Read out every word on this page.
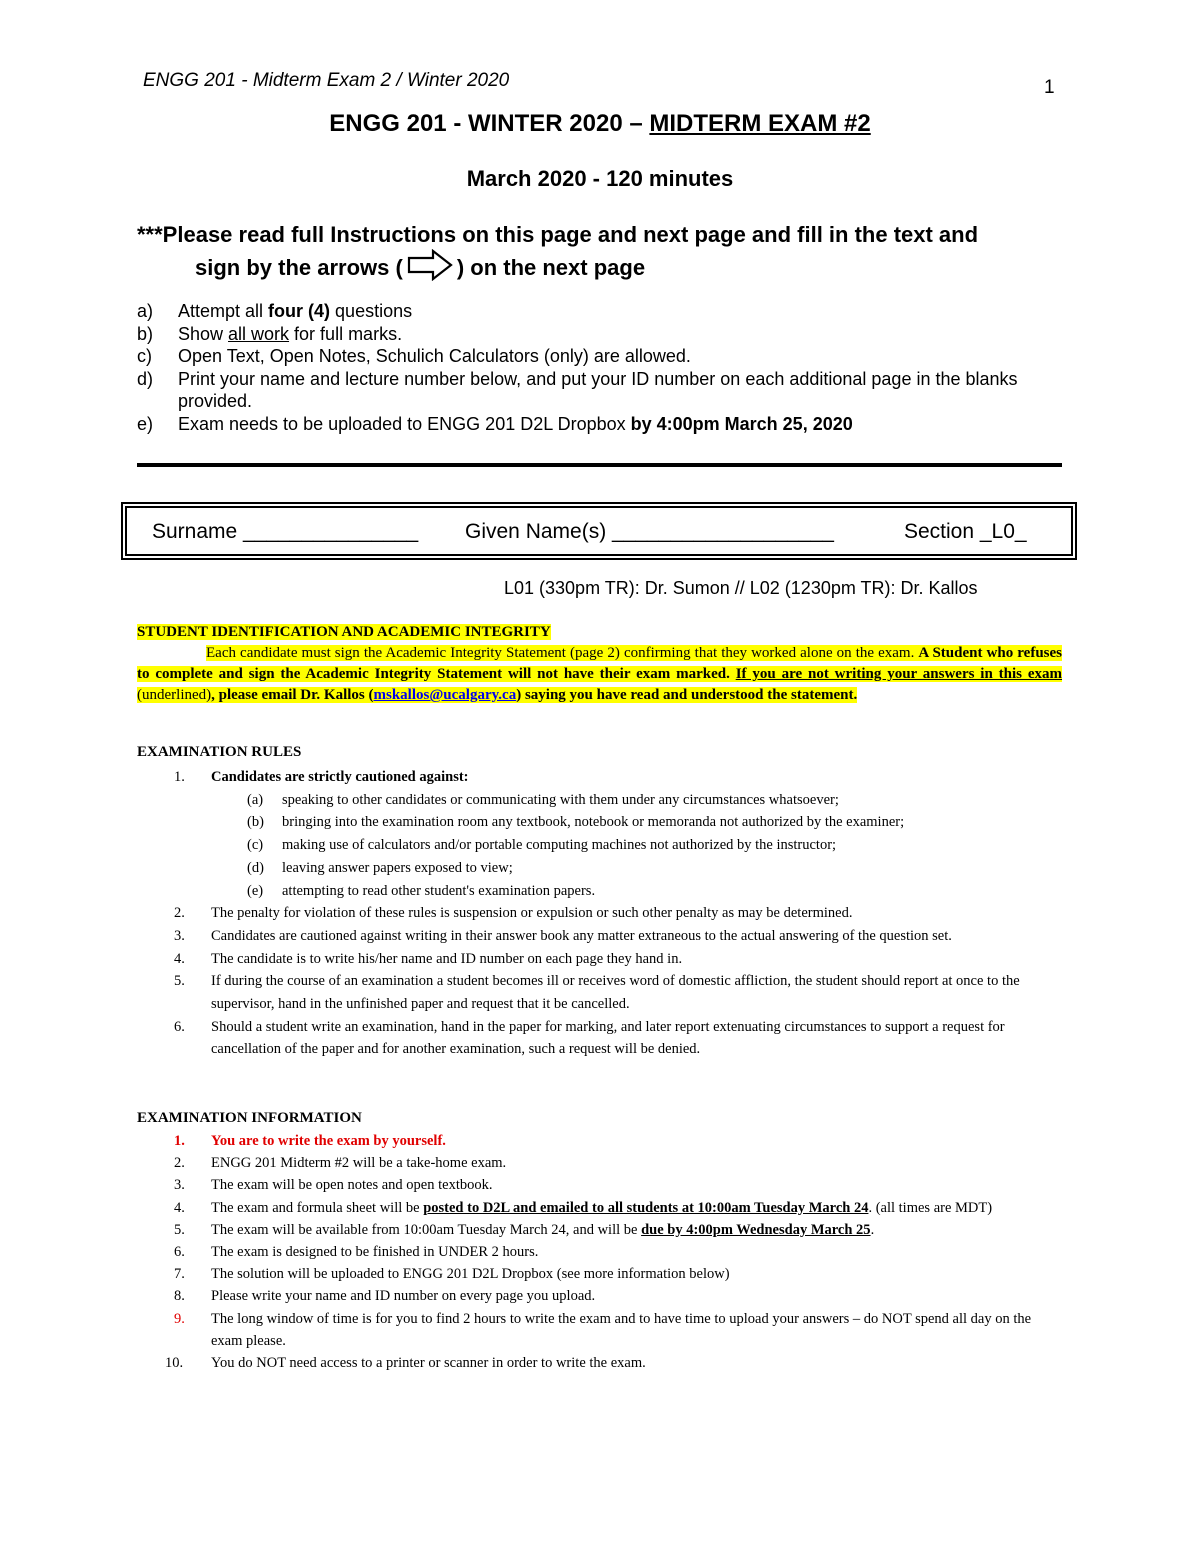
ENGG 201 - Midterm Exam 2 / Winter 2020	1
ENGG 201 - WINTER 2020 – MIDTERM EXAM #2
March 2020 - 120 minutes
***Please read full Instructions on this page and next page and fill in the text and
sign by the arrows ( ) on the next page
a)	Attempt all four (4) questions
b)	Show all work for full marks.
c)	Open Text, Open Notes, Schulich Calculators (only) are allowed.
d)	Print your name and lecture number below, and put your ID number on each additional page in the blanks provided.
e)	Exam needs to be uploaded to ENGG 201 D2L Dropbox by 4:00pm March 25, 2020
Surname _______________ Given Name(s) ___________________	Section _L0_
L01 (330pm TR): Dr. Sumon // L02 (1230pm TR): Dr. Kallos
STUDENT IDENTIFICATION AND ACADEMIC INTEGRITY

Each candidate must sign the Academic Integrity Statement (page 2) confirming that they worked alone on the exam. A Student who refuses to complete and sign the Academic Integrity Statement will not have their exam marked. If you are not writing your answers in this exam (underlined), please email Dr. Kallos (mskallos@ucalgary.ca) saying you have read and understood the statement.

EXAMINATION RULES
1.	Candidates are strictly cautioned against:
(a)	speaking to other candidates or communicating with them under any circumstances whatsoever;
(b)	bringing into the examination room any textbook, notebook or memoranda not authorized by the examiner;
(c)	making use of calculators and/or portable computing machines not authorized by the instructor;
(d)	leaving answer papers exposed to view;
(e)	attempting to read other student's examination papers.
2.	The penalty for violation of these rules is suspension or expulsion or such other penalty as may be determined.
3.	Candidates are cautioned against writing in their answer book any matter extraneous to the actual answering of the question set.
4.	The candidate is to write his/her name and ID number on each page they hand in.
5.	If during the course of an examination a student becomes ill or receives word of domestic affliction, the student should report at once to the supervisor, hand in the unfinished paper and request that it be cancelled.
6.	Should a student write an examination, hand in the paper for marking, and later report extenuating circumstances to support a request for cancellation of the paper and for another examination, such a request will be denied.
EXAMINATION INFORMATION
1.	You are to write the exam by yourself.
2.	ENGG 201 Midterm #2 will be a take-home exam.
3.	The exam will be open notes and open textbook.
4.	The exam and formula sheet will be posted to D2L and emailed to all students at 10:00am Tuesday March 24. (all times are MDT)
5.	The exam will be available from 10:00am Tuesday March 24, and will be due by 4:00pm Wednesday March 25.
6.	The exam is designed to be finished in UNDER 2 hours.
7.	The solution will be uploaded to ENGG 201 D2L Dropbox (see more information below)
8.	Please write your name and ID number on every page you upload.
9.	The long window of time is for you to find 2 hours to write the exam and to have time to upload your answers – do NOT spend all day on the exam please.
10.	You do NOT need access to a printer or scanner in order to write the exam.
